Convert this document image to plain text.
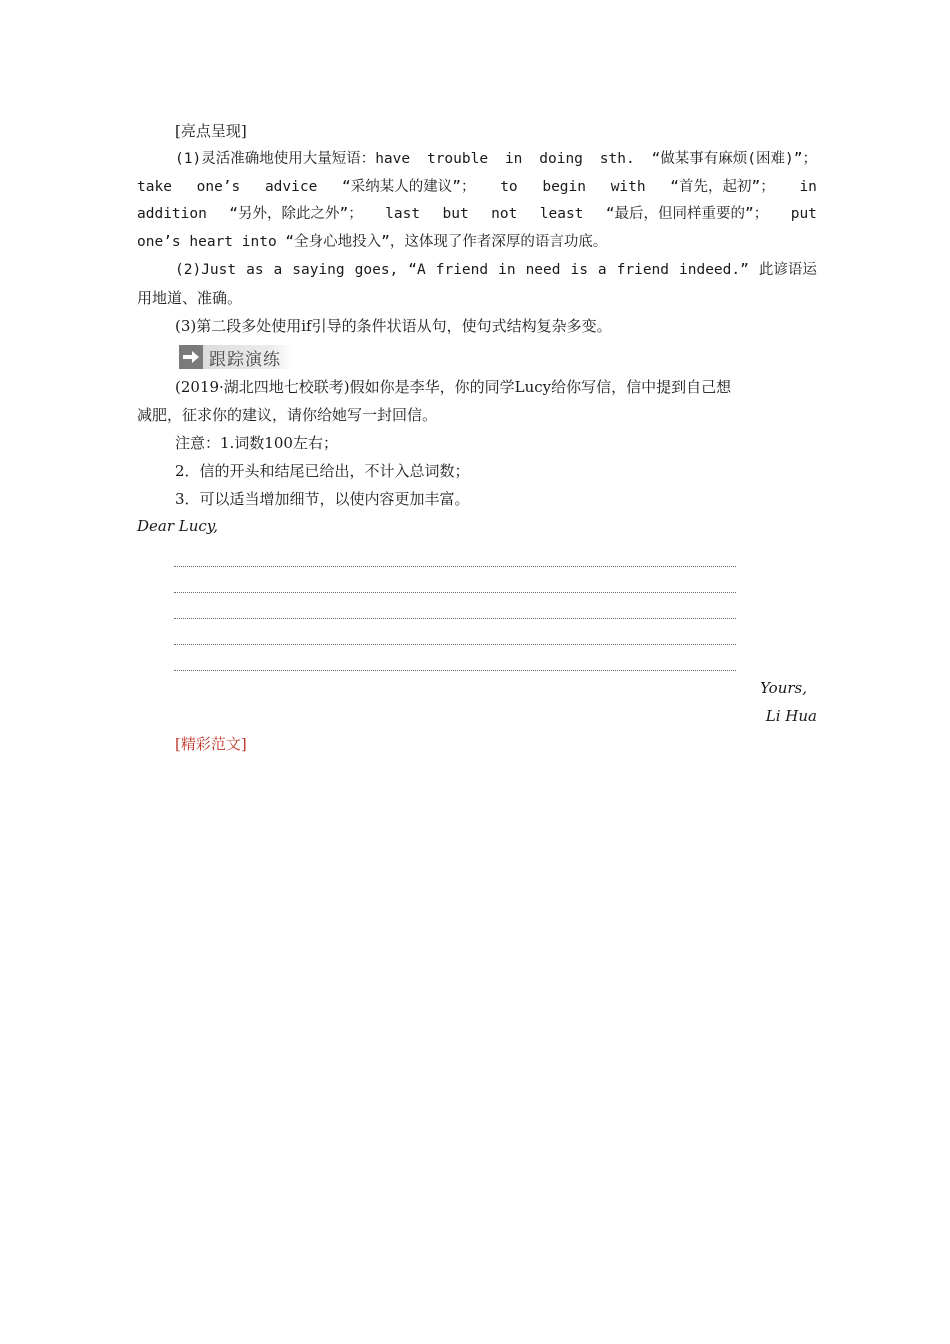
[亮点呈现]
(1)灵活准确地使用大量短语：have trouble in doing sth. “做某事有麻烦(困难)”；
take one’s advice “采纳某人的建议”； to begin with “首先，起初”； in
addition “另外，除此之外”； last but not least “最后，但同样重要的”； put
one’s heart into “全身心地投入”，这体现了作者深厚的语言功底。
(2)Just as a saying goes, “A friend in need is a friend indeed.” 此谚语运
用地道、准确。
(3)第二段多处使用if引导的条件状语从句，使句式结构复杂多变。
跟踪演练
(2019·湖北四地七校联考)假如你是李华，你的同学Lucy给你写信，信中提到自己想
减肥，征求你的建议，请你给她写一封回信。
注意：1.词数100左右；
2．信的开头和结尾已给出，不计入总词数；
3．可以适当增加细节，以使内容更加丰富。
Dear Lucy,
Yours,
Li Hua
[精彩范文]
